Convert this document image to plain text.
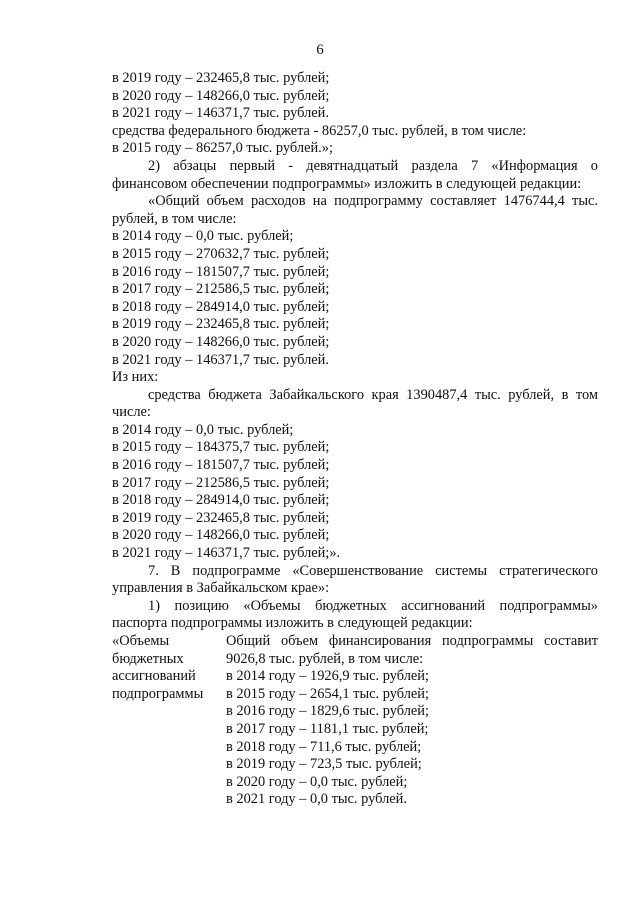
6

в 2019 году – 232465,8 тыс. рублей;

в 2020 году – 148266,0 тыс. рублей;

в 2021 году – 146371,7 тыс. рублей.

средства федерального бюджета - 86257,0 тыс. рублей, в том числе:

в 2015 году – 86257,0 тыс. рублей.»;

2) абзацы первый - девятнадцатый раздела 7 «Информация о финансовом обеспечении подпрограммы» изложить в следующей редакции:

«Общий объем расходов на подпрограмму составляет 1476744,4 тыс. рублей, в том числе:

в 2014 году – 0,0 тыс. рублей;

в 2015 году – 270632,7 тыс. рублей;

в 2016 году – 181507,7 тыс. рублей;

в 2017 году – 212586,5 тыс. рублей;

в 2018 году – 284914,0 тыс. рублей;

в 2019 году – 232465,8 тыс. рублей;

в 2020 году – 148266,0 тыс. рублей;

в 2021 году – 146371,7 тыс. рублей.

Из них:

средства бюджета Забайкальского края 1390487,4 тыс. рублей, в том числе:

в 2014 году – 0,0 тыс. рублей;

в 2015 году – 184375,7 тыс. рублей;

в 2016 году – 181507,7 тыс. рублей;

в 2017 году – 212586,5 тыс. рублей;

в 2018 году – 284914,0 тыс. рублей;

в 2019 году – 232465,8 тыс. рублей;

в 2020 году – 148266,0 тыс. рублей;

в 2021 году – 146371,7 тыс. рублей;».

7. В подпрограмме «Совершенствование системы стратегического управления в Забайкальском крае»:

1) позицию «Объемы бюджетных ассигнований подпрограммы» паспорта подпрограммы изложить в следующей редакции:

«Объемы

бюджетных

ассигнований

подпрограммы

Общий объем финансирования подпрограммы составит 9026,8 тыс. рублей, в том числе:

в 2014 году – 1926,9 тыс. рублей;

в 2015 году – 2654,1 тыс. рублей;

в 2016 году – 1829,6 тыс. рублей;

в 2017 году – 1181,1 тыс. рублей;

в 2018 году – 711,6 тыс. рублей;

в 2019 году – 723,5 тыс. рублей;

в 2020 году – 0,0 тыс. рублей;

в 2021 году – 0,0 тыс. рублей.
